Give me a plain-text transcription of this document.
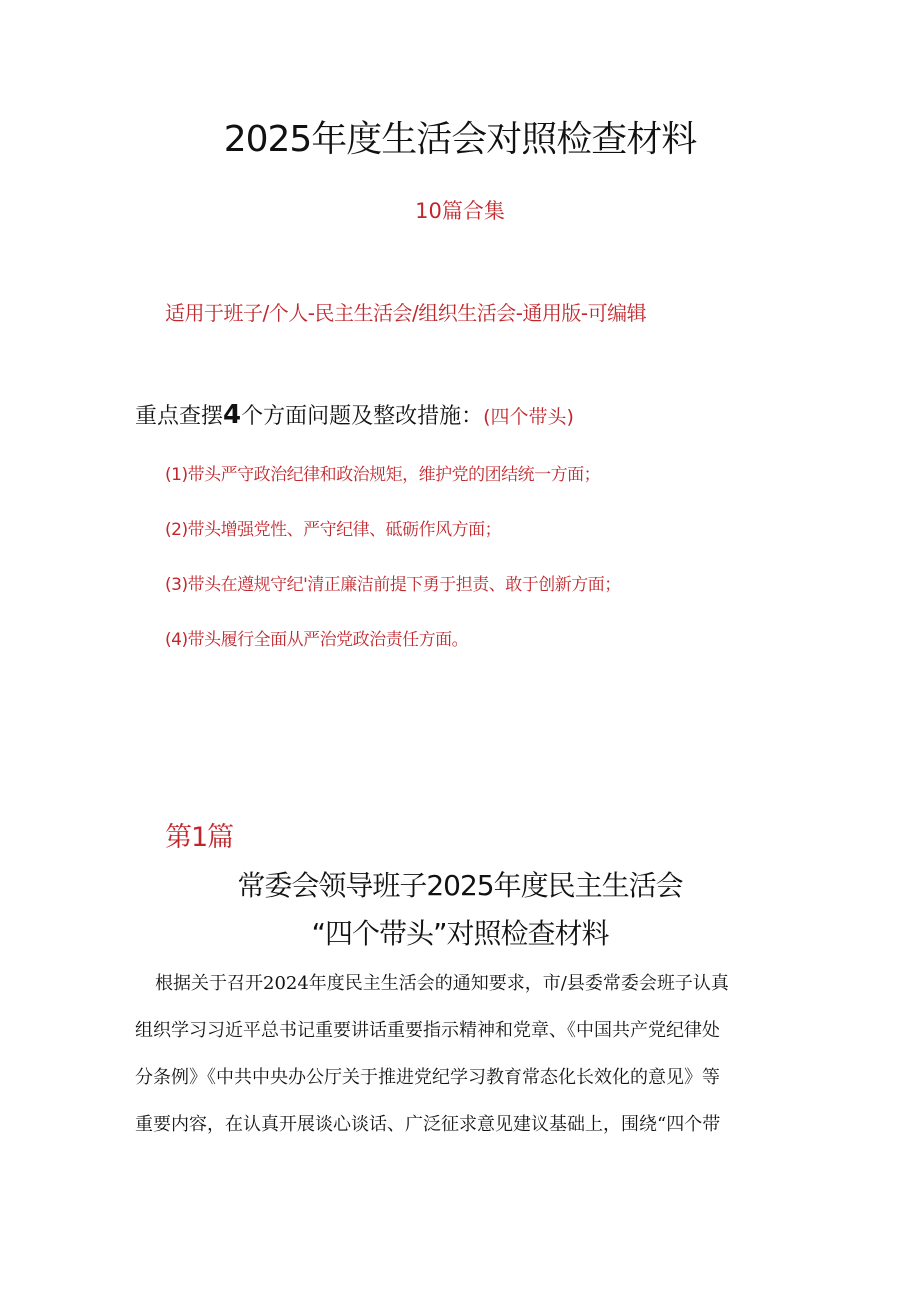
2025年度生活会对照检查材料
10篇合集
适用于班子/个人-民主生活会/组织生活会-通用版-可编辑
重点查摆4个方面问题及整改措施：(四个带头)
(1)带头严守政治纪律和政治规矩，维护党的团结统一方面；
(2)带头增强党性、严守纪律、砥砺作风方面；
(3)带头在遵规守纪'清正廉洁前提下勇于担责、敢于创新方面；
(4)带头履行全面从严治党政治责任方面。
第1篇
常委会领导班子2025年度民主生活会
“四个带头”对照检查材料
根据关于召开2024年度民主生活会的通知要求，市/县委常委会班子认真
组织学习习近平总书记重要讲话重要指示精神和党章、《中国共产党纪律处
分条例》《中共中央办公厅关于推进党纪学习教育常态化长效化的意见》等
重要内容，在认真开展谈心谈话、广泛征求意见建议基础上，围绕“四个带
